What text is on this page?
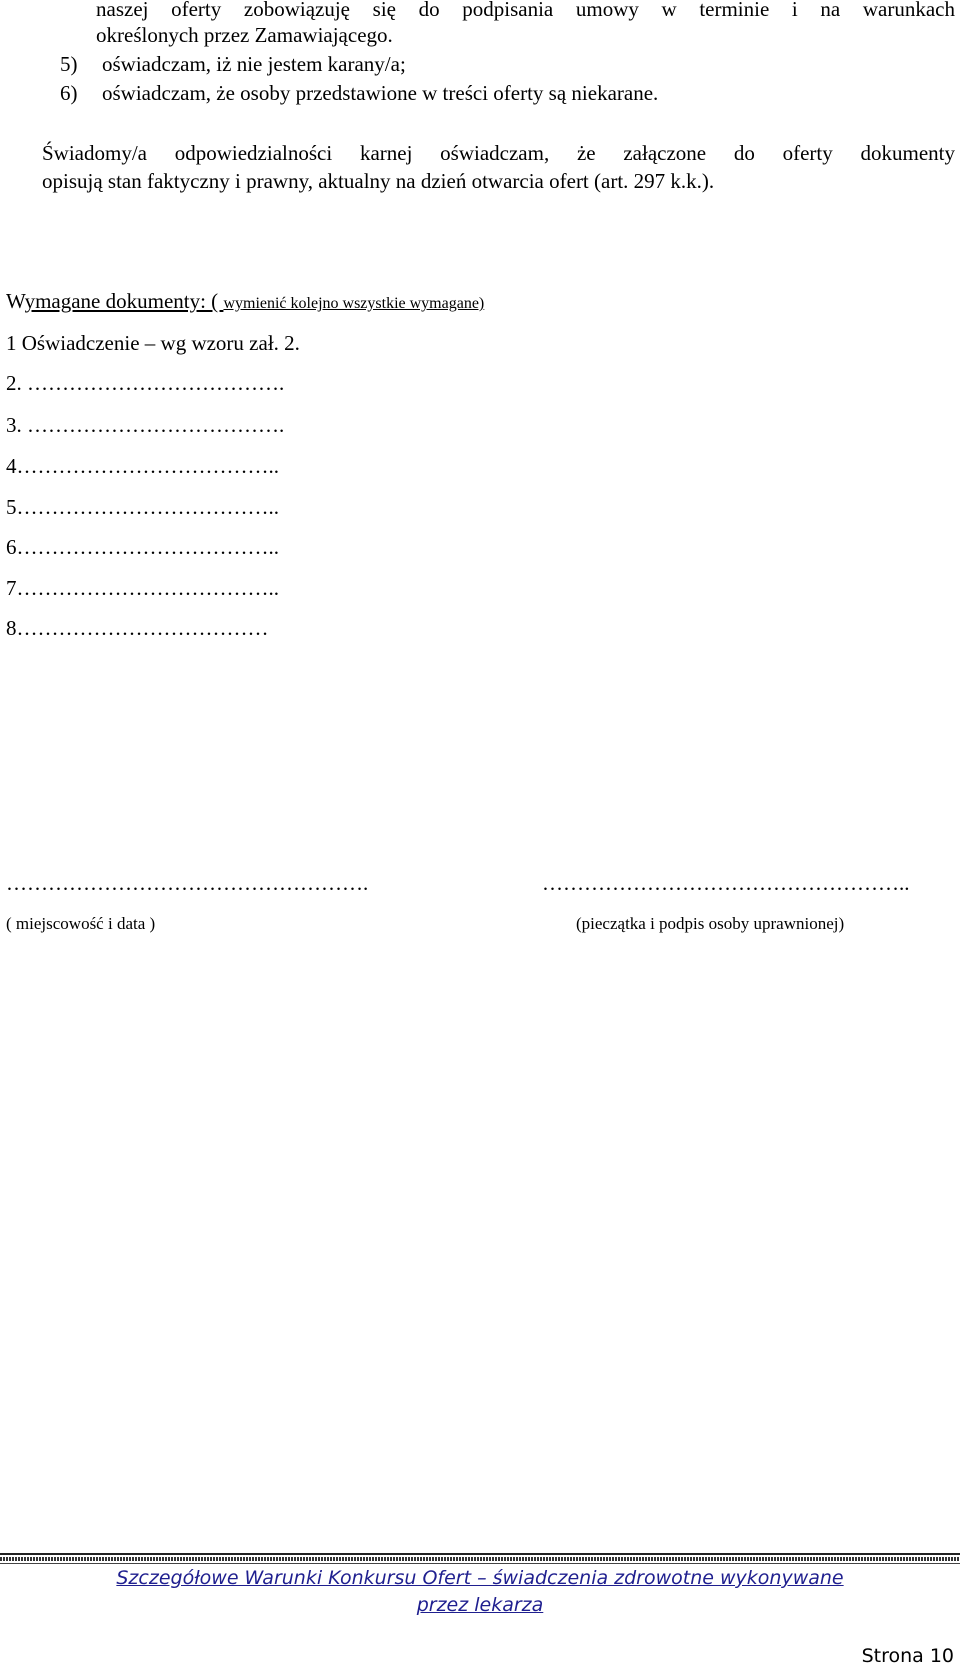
naszej oferty zobowiązuję się do podpisania umowy w terminie i na warunkach
określonych przez Zamawiającego.
5) oświadczam, iż nie jestem karany/a;
6) oświadczam, że osoby przedstawione w treści oferty są niekarane.
Świadomy/a odpowiedzialności karnej oświadczam, że załączone do oferty dokumenty
opisują stan faktyczny i prawny, aktualny na dzień otwarcia ofert (art. 297 k.k.).
Wymagane dokumenty: ( wymienić kolejno wszystkie wymagane)
1 Oświadczenie – wg wzoru zał. 2.
2. ……………………………….
3. ……………………………….
4………………………………..
5………………………………..
6………………………………..
7………………………………..
8………………………………
…………………………………………….	……………………………………………..
( miejscowość i data )	(pieczątka i podpis osoby uprawnionej)
Szczegółowe Warunki Konkursu Ofert – świadczenia zdrowotne wykonywane
przez lekarza
Strona 10
